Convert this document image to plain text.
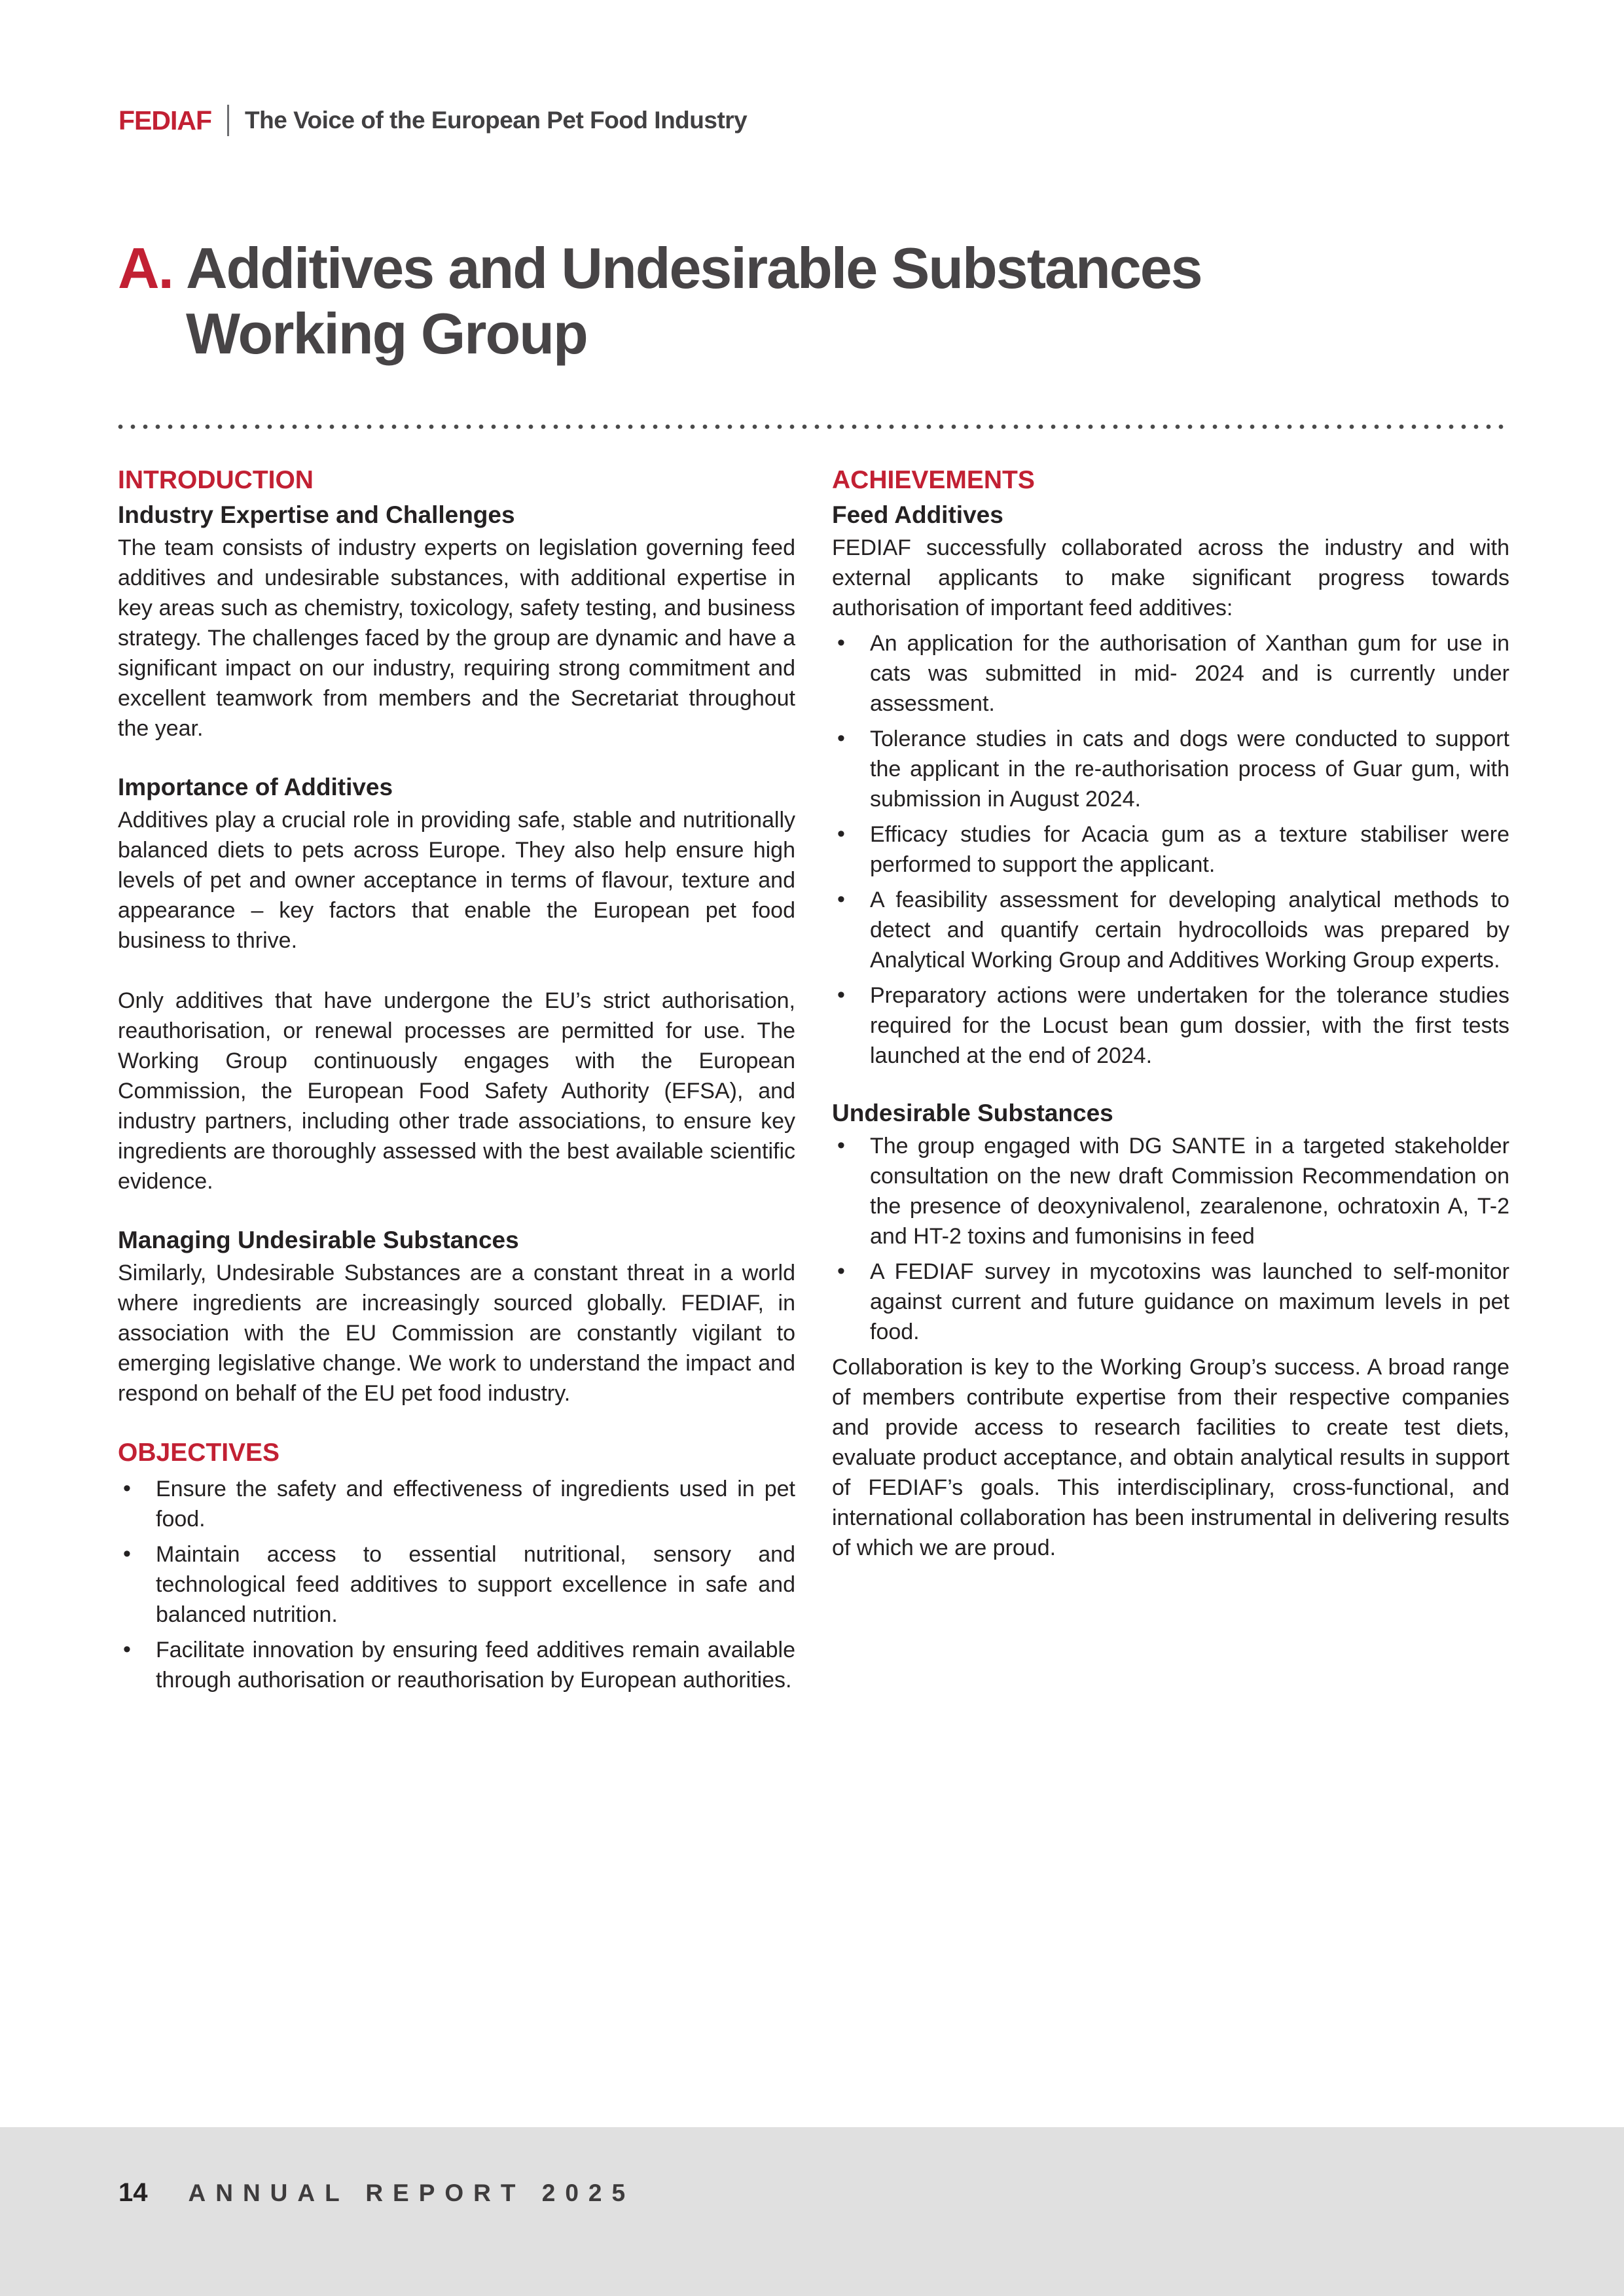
FEDIAF The Voice of the European Pet Food Industry
A. Additives and Undesirable Substances
Working Group
INTRODUCTION
Industry Expertise and Challenges

The team consists of industry experts on legislation governing feed additives and undesirable substances, with additional expertise in key areas such as chemistry, toxicology, safety testing, and business strategy. The challenges faced by the group are dynamic and have a significant impact on our industry, requiring strong commitment and excellent teamwork from members and the Secretariat throughout the year.

Importance of Additives

Additives play a crucial role in providing safe, stable and nutritionally balanced diets to pets across Europe. They also help ensure high levels of pet and owner acceptance in terms of flavour, texture and appearance – key factors that enable the European pet food business to thrive.

Only additives that have undergone the EU’s strict authorisation, reauthorisation, or renewal processes are permitted for use. The Working Group continuously engages with the European Commission, the European Food Safety Authority (EFSA), and industry partners, including other trade associations, to ensure key ingredients are thoroughly assessed with the best available scientific evidence.

Managing Undesirable Substances

Similarly, Undesirable Substances are a constant threat in a world where ingredients are increasingly sourced globally. FEDIAF, in association with the EU Commission are constantly vigilant to emerging legislative change. We work to understand the impact and respond on behalf of the EU pet food industry.

OBJECTIVES
• Ensure the safety and effectiveness of ingredients used in pet food.
• Maintain access to essential nutritional, sensory and technological feed additives to support excellence in safe and balanced nutrition.
• Facilitate innovation by ensuring feed additives remain available through authorisation or reauthorisation by European authorities.
ACHIEVEMENTS
Feed Additives

FEDIAF successfully collaborated across the industry and with external applicants to make significant progress towards authorisation of important feed additives:

• An application for the authorisation of Xanthan gum for use in cats was submitted in mid- 2024 and is currently under assessment.
• Tolerance studies in cats and dogs were conducted to support the applicant in the re-authorisation process of Guar gum, with submission in August 2024.
• Efficacy studies for Acacia gum as a texture stabiliser were performed to support the applicant.
• A feasibility assessment for developing analytical methods to detect and quantify certain hydrocolloids was prepared by Analytical Working Group and Additives Working Group experts.
• Preparatory actions were undertaken for the tolerance studies required for the Locust bean gum dossier, with the first tests launched at the end of 2024.
Undesirable Substances
• The group engaged with DG SANTE in a targeted stakeholder consultation on the new draft Commission Recommendation on the presence of deoxynivalenol, zearalenone, ochratoxin A, T-2 and HT-2 toxins and fumonisins in feed
• A FEDIAF survey in mycotoxins was launched to self-monitor against current and future guidance on maximum levels in pet food.

Collaboration is key to the Working Group’s success. A broad range of members contribute expertise from their respective companies and provide access to research facilities to create test diets, evaluate product acceptance, and obtain analytical results in support of FEDIAF’s goals. This interdisciplinary, cross-functional, and international collaboration has been instrumental in delivering results of which we are proud.

14 ANNUAL REPORT 2025
